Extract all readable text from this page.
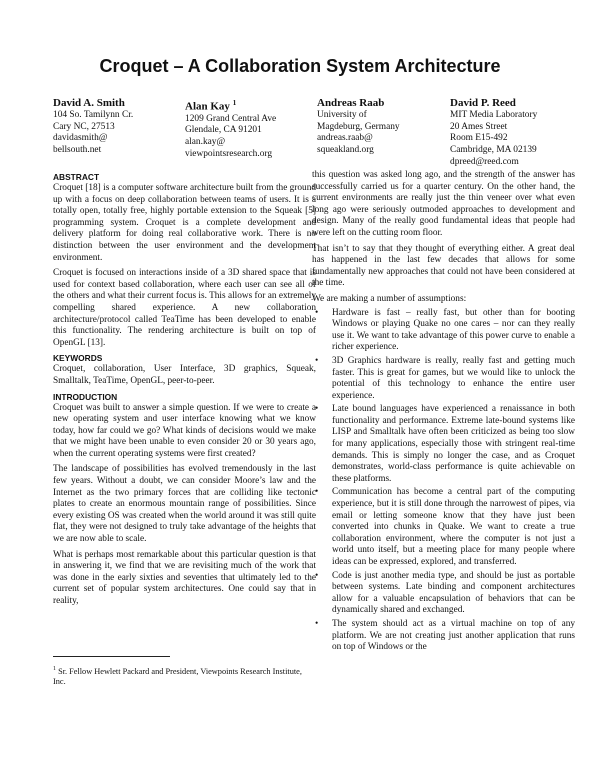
Croquet – A Collaboration System Architecture
David A. Smith
104 So. Tamilynn Cr.
Cary NC, 27513
davidasmith@
bellsouth.net
Alan Kay $^1$
1209 Grand Central Ave
Glendale, CA 91201
alan.kay@
viewpointsresearch.org
Andreas Raab
University of
Magdeburg, Germany
andreas.raab@
squeakland.org
David P. Reed
MIT Media Laboratory
20 Ames Street
Room E15-492
Cambridge, MA 02139
dpreed@reed.com
ABSTRACT

Croquet [18] is a computer software architecture built from the ground up with a focus on deep collaboration between teams of users. It is a totally open, totally free, highly portable extension to the Squeak [5] programming system. Croquet is a complete development and delivery platform for doing real collaborative work. There is no distinction between the user environment and the development environment.

Croquet is focused on interactions inside of a 3D shared space that is used for context based collaboration, where each user can see all of the others and what their current focus is. This allows for an extremely compelling shared experience. A new collaboration architecture/protocol called TeaTime has been developed to enable this functionality. The rendering architecture is built on top of OpenGL [13].

KEYWORDS

Croquet, collaboration, User Interface, 3D graphics, Squeak, Smalltalk, TeaTime, OpenGL, peer-to-peer.

INTRODUCTION

Croquet was built to answer a simple question. If we were to create a new operating system and user interface knowing what we know today, how far could we go? What kinds of decisions would we make that we might have been unable to even consider 20 or 30 years ago, when the current operating systems were first created?

The landscape of possibilities has evolved tremendously in the last few years. Without a doubt, we can consider Moore’s law and the Internet as the two primary forces that are colliding like tectonic plates to create an enormous mountain range of possibilities. Since every existing OS was created when the world around it was still quite flat, they were not designed to truly take advantage of the heights that we are now able to scale.

What is perhaps most remarkable about this particular question is that in answering it, we find that we are revisiting much of the work that was done in the early sixties and seventies that ultimately led to the current set of popular system architectures. One could say that in reality,

this question was asked long ago, and the strength of the answer has successfully carried us for a quarter century. On the other hand, the current environments are really just the thin veneer over what even long ago were seriously outmoded approaches to development and design. Many of the really good fundamental ideas that people had were left on the cutting room floor.

That isn’t to say that they thought of everything either. A great deal has happened in the last few decades that allows for some fundamentally new approaches that could not have been considered at the time.

We are making a number of assumptions:

• Hardware is fast – really fast, but other than for booting Windows or playing Quake no one cares – nor can they really use it. We want to take advantage of this power curve to enable a richer experience.
• 3D Graphics hardware is really, really fast and getting much faster. This is great for games, but we would like to unlock the potential of this technology to enhance the entire user experience.
• Late bound languages have experienced a renaissance in both functionality and performance. Extreme late-bound systems like LISP and Smalltalk have often been criticized as being too slow for many applications, especially those with stringent real-time demands. This is simply no longer the case, and as Croquet demonstrates, world-class performance is quite achievable on these platforms.
• Communication has become a central part of the computing experience, but it is still done through the narrowest of pipes, via email or letting someone know that they have just been converted into chunks in Quake. We want to create a true collaboration environment, where the computer is not just a world unto itself, but a meeting place for many people where ideas can be expressed, explored, and transferred.
• Code is just another media type, and should be just as portable between systems. Late binding and component architectures allow for a valuable encapsulation of behaviors that can be dynamically shared and exchanged.
• The system should act as a virtual machine on top of any platform. We are not creating just another application that runs on top of Windows or the
$^1$ Sr. Fellow Hewlett Packard and President, Viewpoints Research Institute, Inc.
